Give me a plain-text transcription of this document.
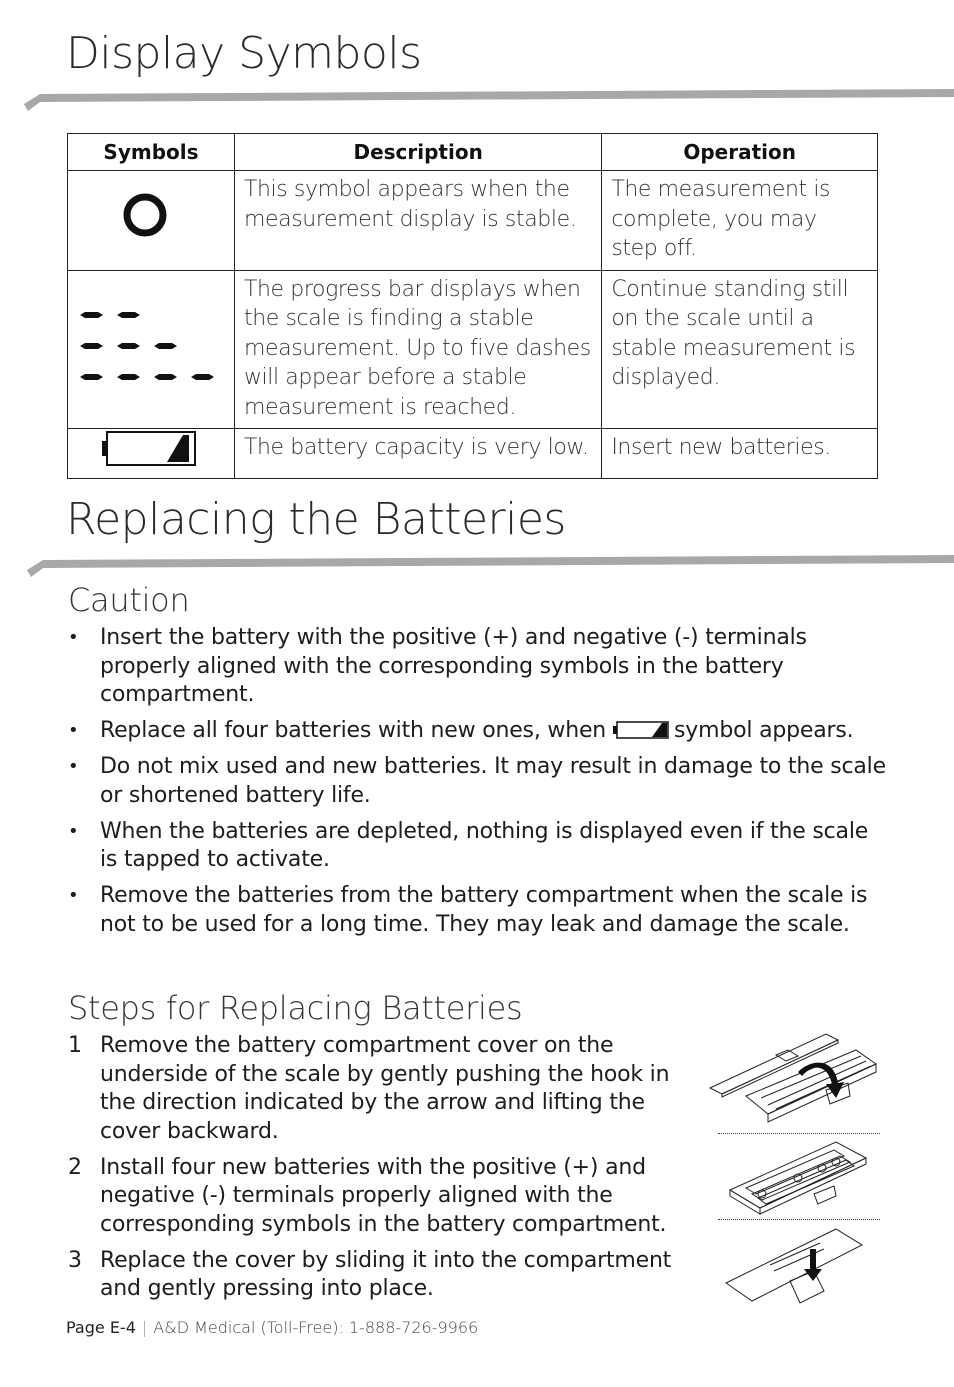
Display Symbols
Symbols	Description	Operation
	This symbol appears when the measurement display is stable.	The measurement is complete, you may step off.
	The progress bar displays when the scale is finding a stable measurement. Up to five dashes will appear before a stable measurement is reached.	Continue standing still on the scale until a stable measurement is displayed.
	The battery capacity is very low.	Insert new batteries.
Replacing the Batteries
Caution
• Insert the battery with the positive (+) and negative (-) terminals properly aligned with the corresponding symbols in the battery compartment.
• Replace all four batteries with new ones, when	symbol appears.
• Do not mix used and new batteries. It may result in damage to the scale or shortened battery life.
• When the batteries are depleted, nothing is displayed even if the scale is tapped to activate.
• Remove the batteries from the battery compartment when the scale is not to be used for a long time. They may leak and damage the scale.
Steps for Replacing Batteries
1 Remove the battery compartment cover on the underside of the scale by gently pushing the hook in the direction indicated by the arrow and lifting the cover backward.
2 Install four new batteries with the positive (+) and negative (-) terminals properly aligned with the corresponding symbols in the battery compartment.
3 Replace the cover by sliding it into the compartment and gently pressing into place.
Page E-4 | A&D Medical (Toll-Free): 1-888-726-9966
